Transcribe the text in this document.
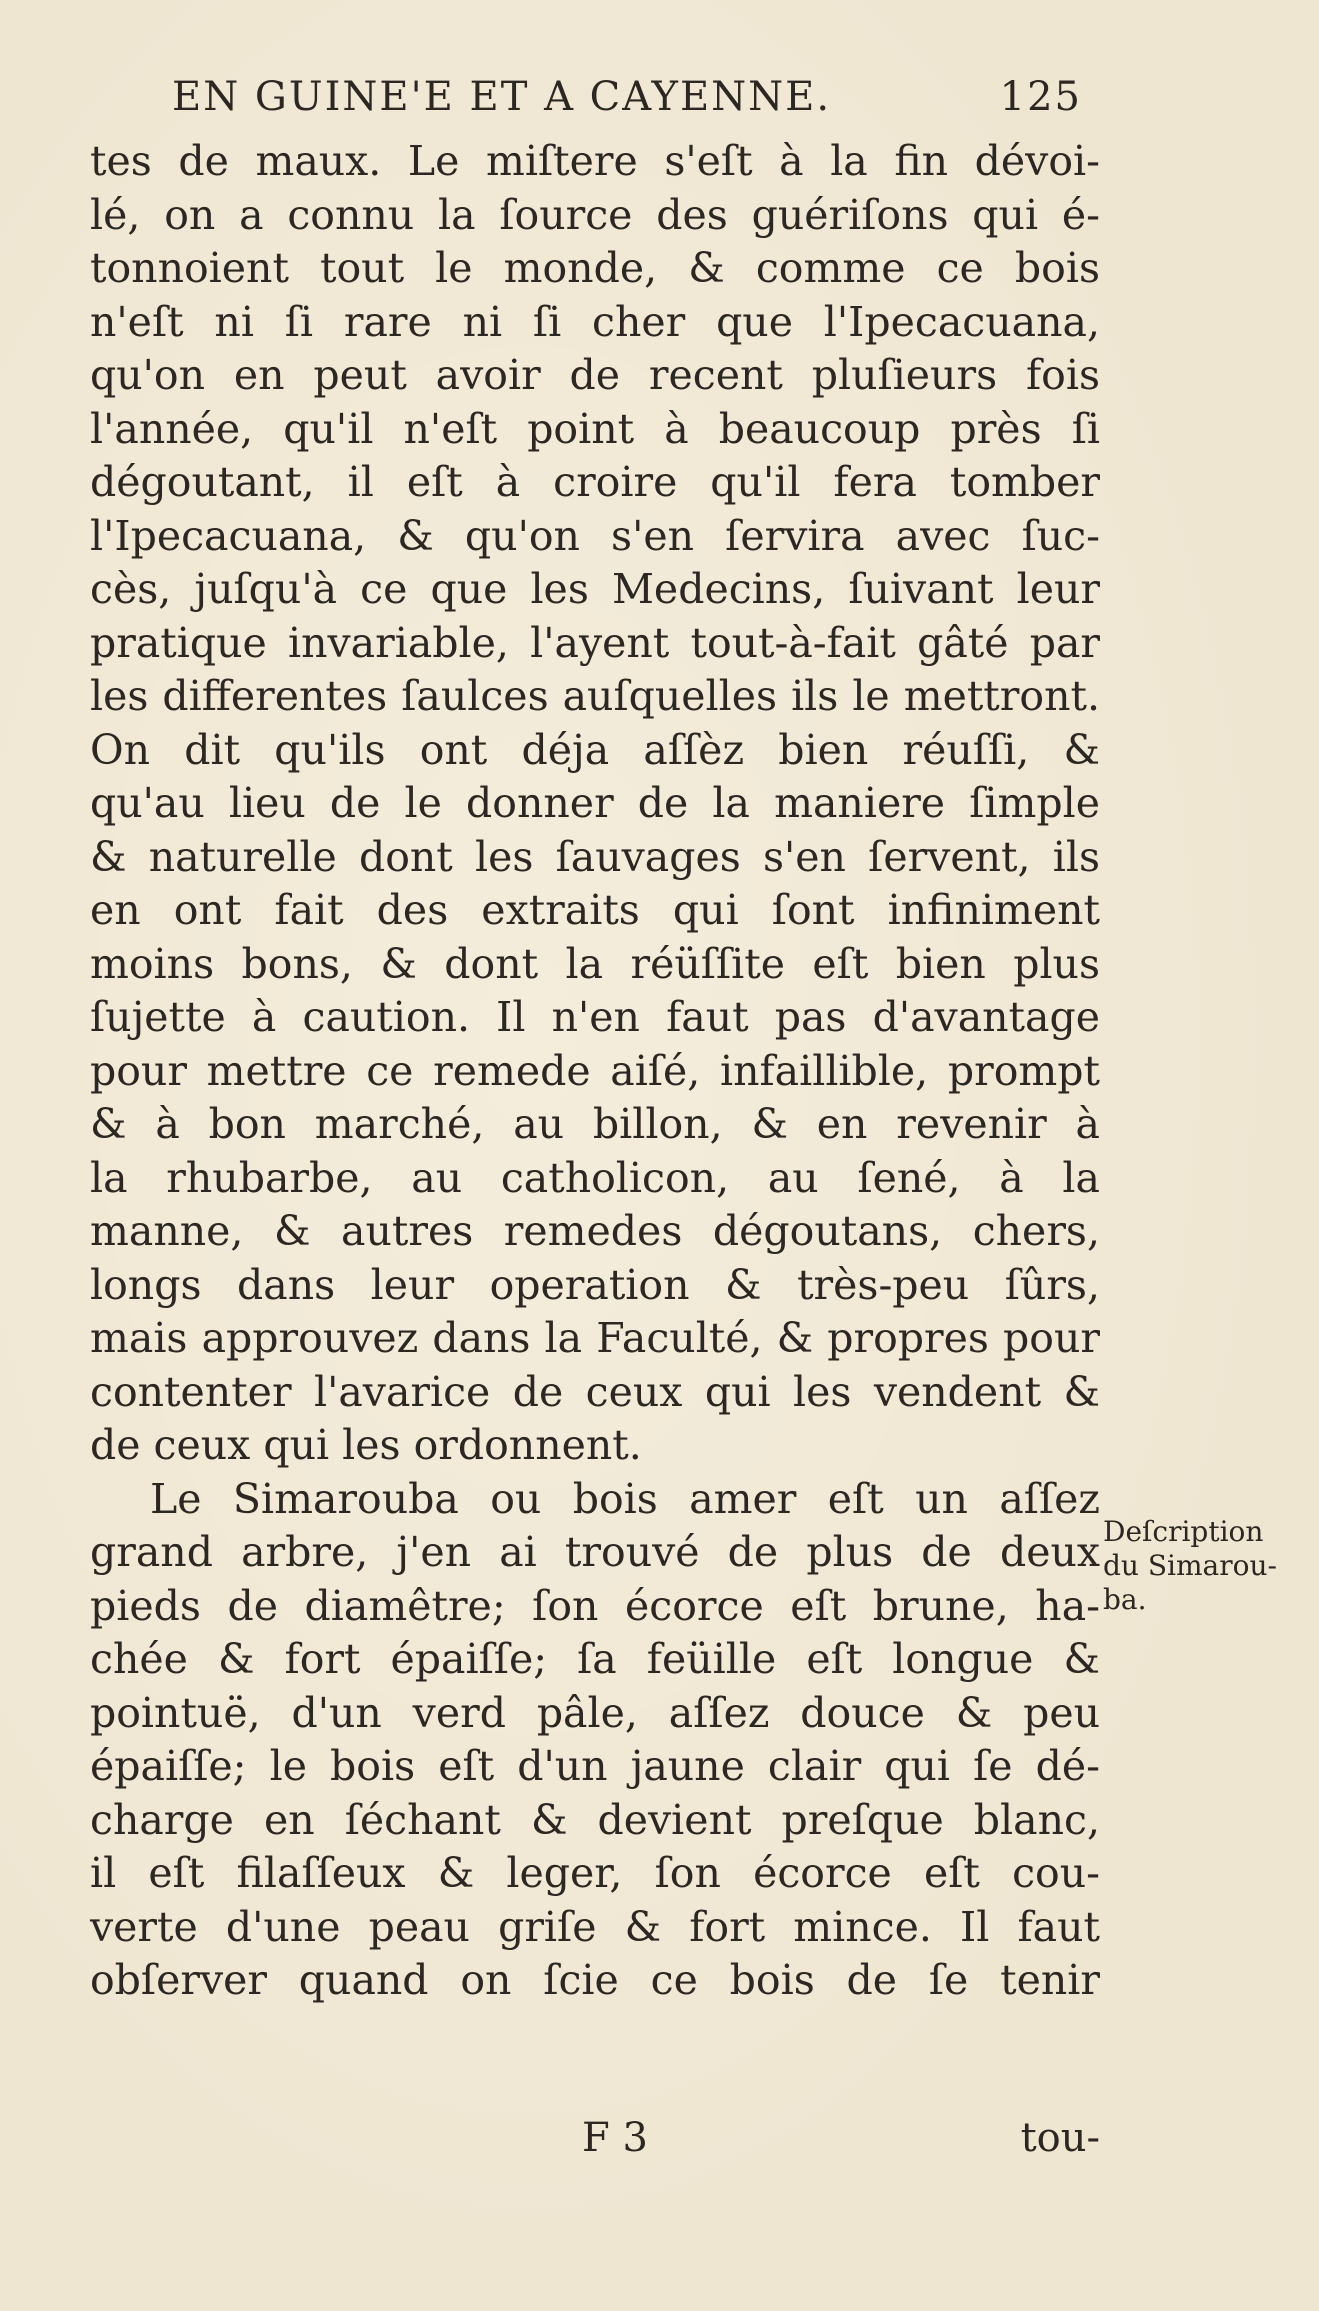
EN GUINE'E ET A CAYENNE.	125
tes de maux. Le miſtere s'eſt à la fin dévoi-
lé, on a connu la ſource des guériſons qui é-
tonnoient tout le monde, & comme ce bois
n'eſt ni ſi rare ni ſi cher que l'Ipecacuana,
qu'on en peut avoir de recent pluſieurs fois
l'année, qu'il n'eſt point à beaucoup près ſi
dégoutant, il eſt à croire qu'il fera tomber
l'Ipecacuana, & qu'on s'en ſervira avec ſuc-
cès, juſqu'à ce que les Medecins, ſuivant leur
pratique invariable, l'ayent tout-à-fait gâté par
les differentes ſaulces auſquelles ils le mettront.
On dit qu'ils ont déja aſſèz bien réuſſi, &
qu'au lieu de le donner de la maniere ſimple
& naturelle dont les ſauvages s'en ſervent, ils
en ont fait des extraits qui ſont infiniment
moins bons, & dont la réüſſite eſt bien plus
ſujette à caution. Il n'en faut pas d'avantage
pour mettre ce remede aiſé, infaillible, prompt
& à bon marché, au billon, & en revenir à
la rhubarbe, au catholicon, au ſené, à la
manne, & autres remedes dégoutans, chers,
longs dans leur operation & très-peu ſûrs,
mais approuvez dans la Faculté, & propres pour
contenter l'avarice de ceux qui les vendent &
de ceux qui les ordonnent.
Le Simarouba ou bois amer eſt un aſſez
grand arbre, j'en ai trouvé de plus de deux
pieds de diamêtre; ſon écorce eſt brune, ha-
chée & fort épaiſſe; ſa feüille eſt longue &
pointuë, d'un verd pâle, aſſez douce & peu
épaiſſe; le bois eſt d'un jaune clair qui ſe dé-
charge en ſéchant & devient preſque blanc,
il eſt filaſſeux & leger, ſon écorce eſt cou-
verte d'une peau griſe & fort mince. Il faut
obſerver quand on ſcie ce bois de ſe tenir
Deſcription
du Simarou-
ba.
F 3	tou-
